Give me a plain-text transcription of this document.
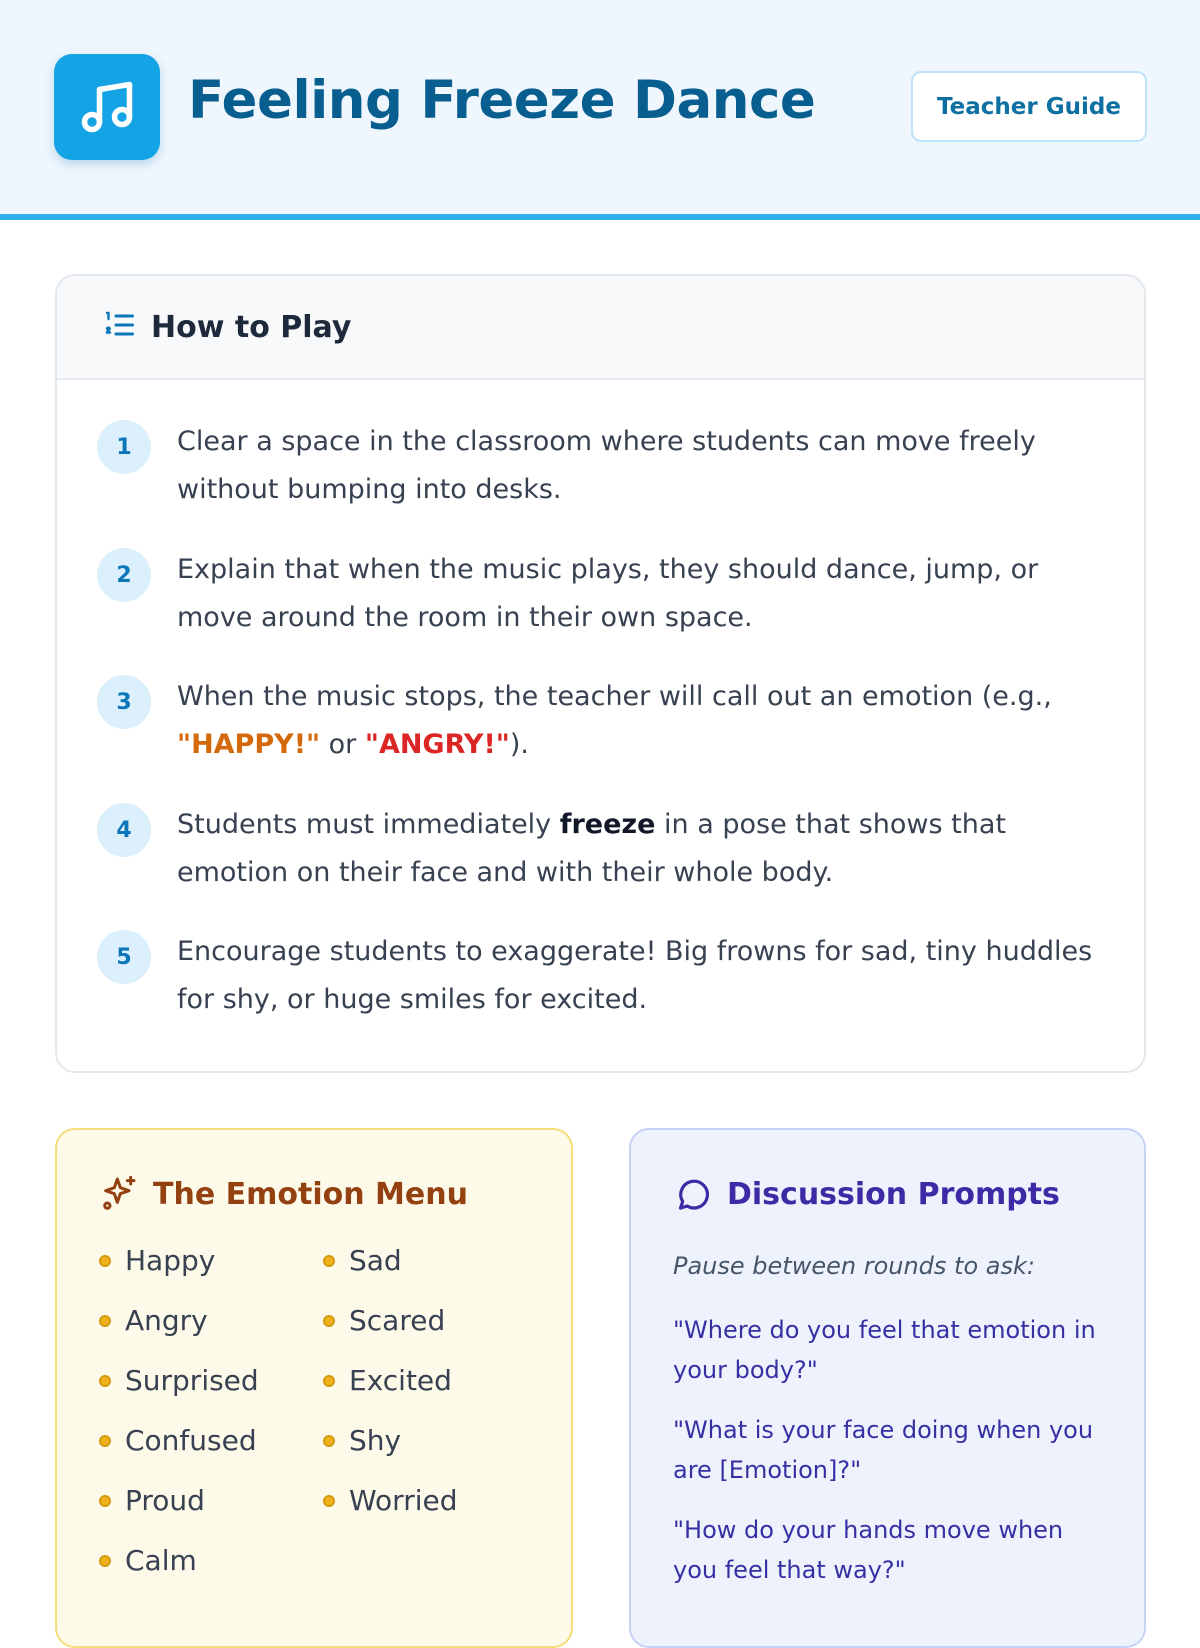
Feeling Freeze Dance	Teacher Guide
How to Play
1	Clear a space in the classroom where students can move freely without bumping into desks.
2	Explain that when the music plays, they should dance, jump, or move around the room in their own space.
3	When the music stops, the teacher will call out an emotion (e.g., "HAPPY!" or "ANGRY!").
4	Students must immediately freeze in a pose that shows that emotion on their face and with their whole body.
5	Encourage students to exaggerate! Big frowns for sad, tiny huddles for shy, or huge smiles for excited.
The Emotion Menu
Happy
Angry
Surprised
Confused
Proud
Calm
Sad
Scared
Excited
Shy
Worried
Discussion Prompts
Pause between rounds to ask:
"Where do you feel that emotion in your body?"
"What is your face doing when you are [Emotion]?"
"How do your hands move when you feel that way?"
